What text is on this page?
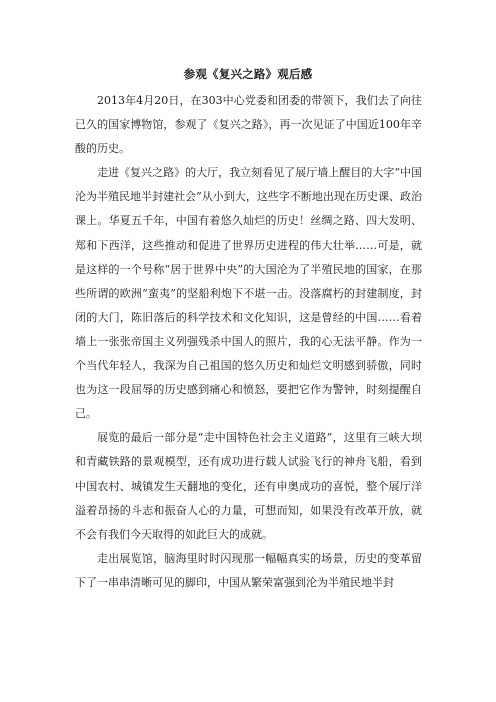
参观《复兴之路》观后感

2013年4月20日，在303中心党委和团委的带领下，我们去了向往已久的国家博物馆，参观了《复兴之路》，再一次见证了中国近100年辛酸的历史。

走进《复兴之路》的大厅，我立刻看见了展厅墙上醒目的大字“中国沦为半殖民地半封建社会”从小到大，这些字不断地出现在历史课、政治课上。华夏五千年，中国有着悠久灿烂的历史！丝绸之路、四大发明、郑和下西洋，这些推动和促进了世界历史进程的伟大壮举……可是，就是这样的一个号称“居于世界中央”的大国沦为了半殖民地的国家，在那些所谓的欧洲“蛮夷”的坚船利炮下不堪一击。没落腐朽的封建制度，封闭的大门，陈旧落后的科学技术和文化知识，这是曾经的中国……看着墙上一张张帝国主义列强残杀中国人的照片，我的心无法平静。作为一个当代年轻人，我深为自己祖国的悠久历史和灿烂文明感到骄傲，同时也为这一段屈辱的历史感到痛心和愤怒，要把它作为警钟，时刻提醒自己。

展览的最后一部分是“走中国特色社会主义道路”，这里有三峡大坝和青藏铁路的景观模型，还有成功进行载人试验飞行的神舟飞船，看到中国农村、城镇发生天翻地的变化，还有申奥成功的喜悦，整个展厅洋溢着昂扬的斗志和振奋人心的力量，可想而知，如果没有改革开放，就不会有我们今天取得的如此巨大的成就。

走出展览馆，脑海里时时闪现那一幅幅真实的场景，历史的变革留下了一串串清晰可见的脚印，中国从繁荣富强到沦为半殖民地半封
